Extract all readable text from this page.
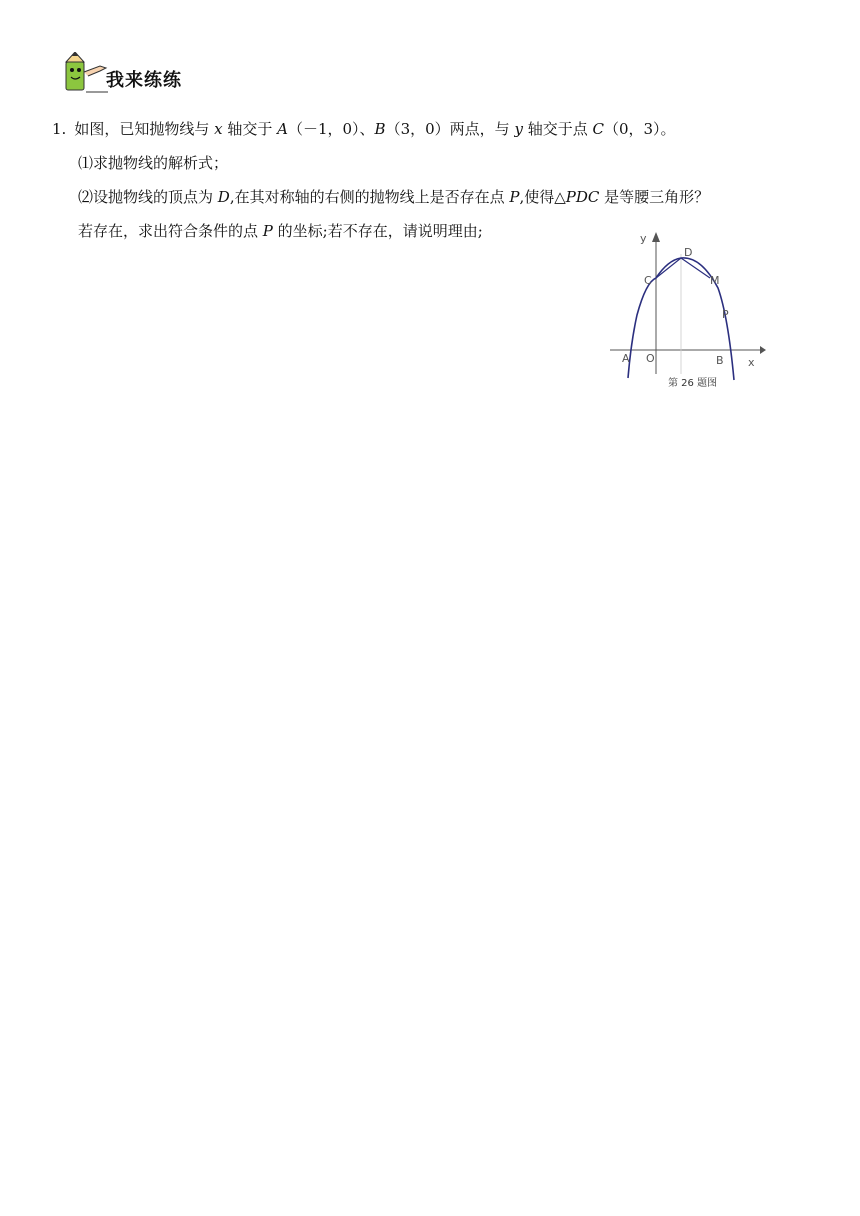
我来练练
1. 如图，已知抛物线与 x 轴交于 A（－1，0）、B（3，0）两点，与 y 轴交于点 C（0，3）。
⑴求抛物线的解析式；
⑵设抛物线的顶点为 D,在其对称轴的右侧的抛物线上是否存在点 P,使得△PDC 是等腰三角形？
若存在，求出符合条件的点 P 的坐标;若不存在，请说明理由;	y
x
D
C	M
P
A O	B
第 26 题图
